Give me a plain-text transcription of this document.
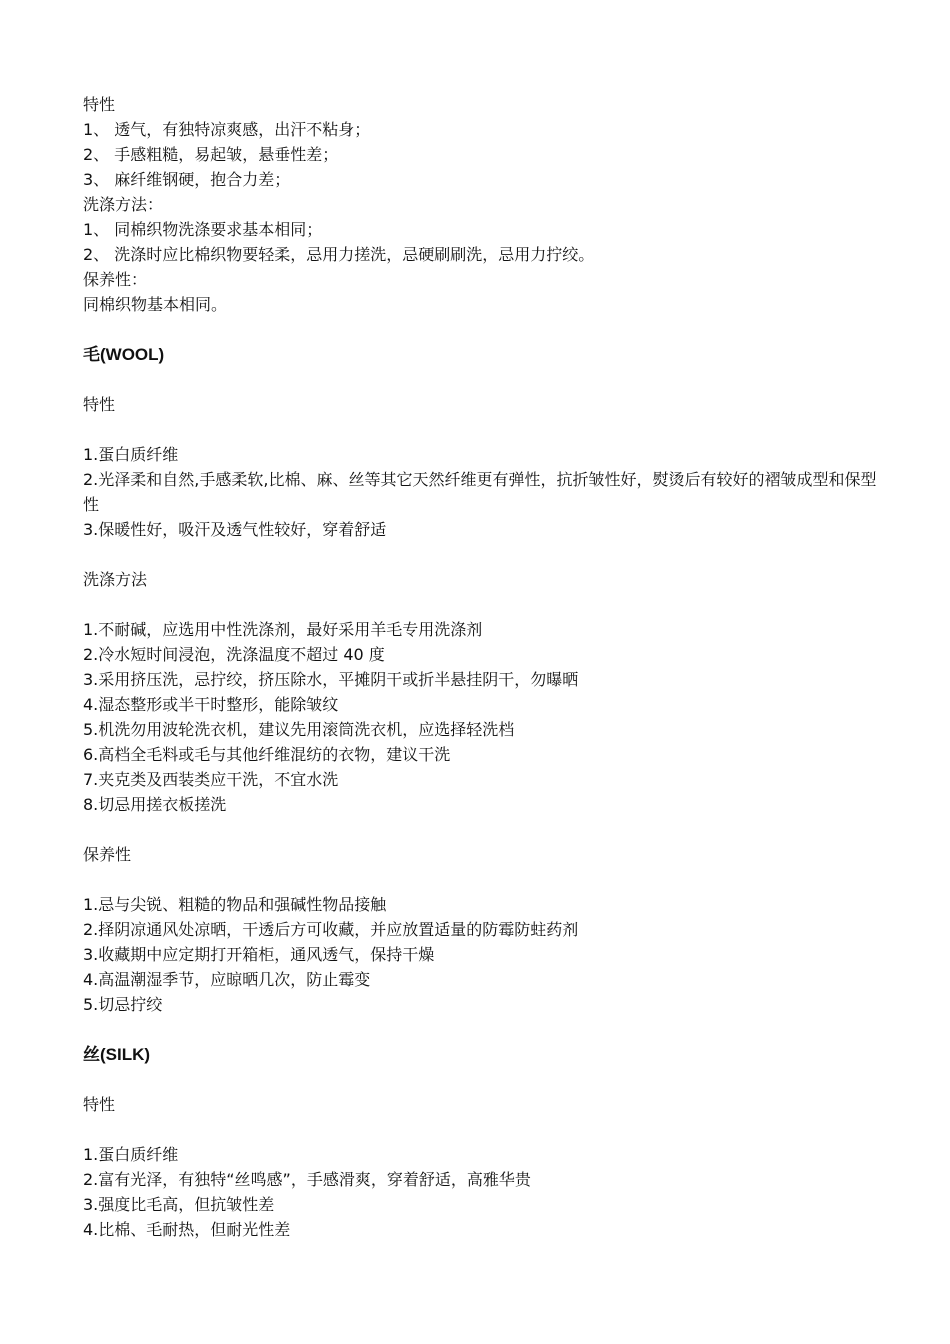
特性
1、 透气，有独特凉爽感，出汗不粘身；
2、 手感粗糙，易起皱，悬垂性差；
3、 麻纤维钢硬，抱合力差；
洗涤方法：
1、 同棉织物洗涤要求基本相同；
2、 洗涤时应比棉织物要轻柔，忌用力搓洗，忌硬刷刷洗，忌用力拧绞。
保养性：
同棉织物基本相同。
毛(WOOL)
特性
1.蛋白质纤维
2.光泽柔和自然,手感柔软,比棉、麻、丝等其它天然纤维更有弹性，抗折皱性好，熨烫后有较好的褶皱成型和保型性
3.保暖性好，吸汗及透气性较好，穿着舒适
洗涤方法
1.不耐碱，应选用中性洗涤剂，最好采用羊毛专用洗涤剂
2.冷水短时间浸泡，洗涤温度不超过 40 度
3.采用挤压洗，忌拧绞，挤压除水，平摊阴干或折半悬挂阴干，勿曝晒
4.湿态整形或半干时整形，能除皱纹
5.机洗勿用波轮洗衣机，建议先用滚筒洗衣机，应选择轻洗档
6.高档全毛料或毛与其他纤维混纺的衣物，建议干洗
7.夹克类及西装类应干洗，不宜水洗
8.切忌用搓衣板搓洗
保养性
1.忌与尖锐、粗糙的物品和强碱性物品接触
2.择阴凉通风处凉晒，干透后方可收藏，并应放置适量的防霉防蛀药剂
3.收藏期中应定期打开箱柜，通风透气，保持干燥
4.高温潮湿季节，应晾晒几次，防止霉变
5.切忌拧绞
丝(SILK)
特性
1.蛋白质纤维
2.富有光泽，有独特“丝鸣感”，手感滑爽，穿着舒适，高雅华贵
3.强度比毛高，但抗皱性差
4.比棉、毛耐热，但耐光性差
